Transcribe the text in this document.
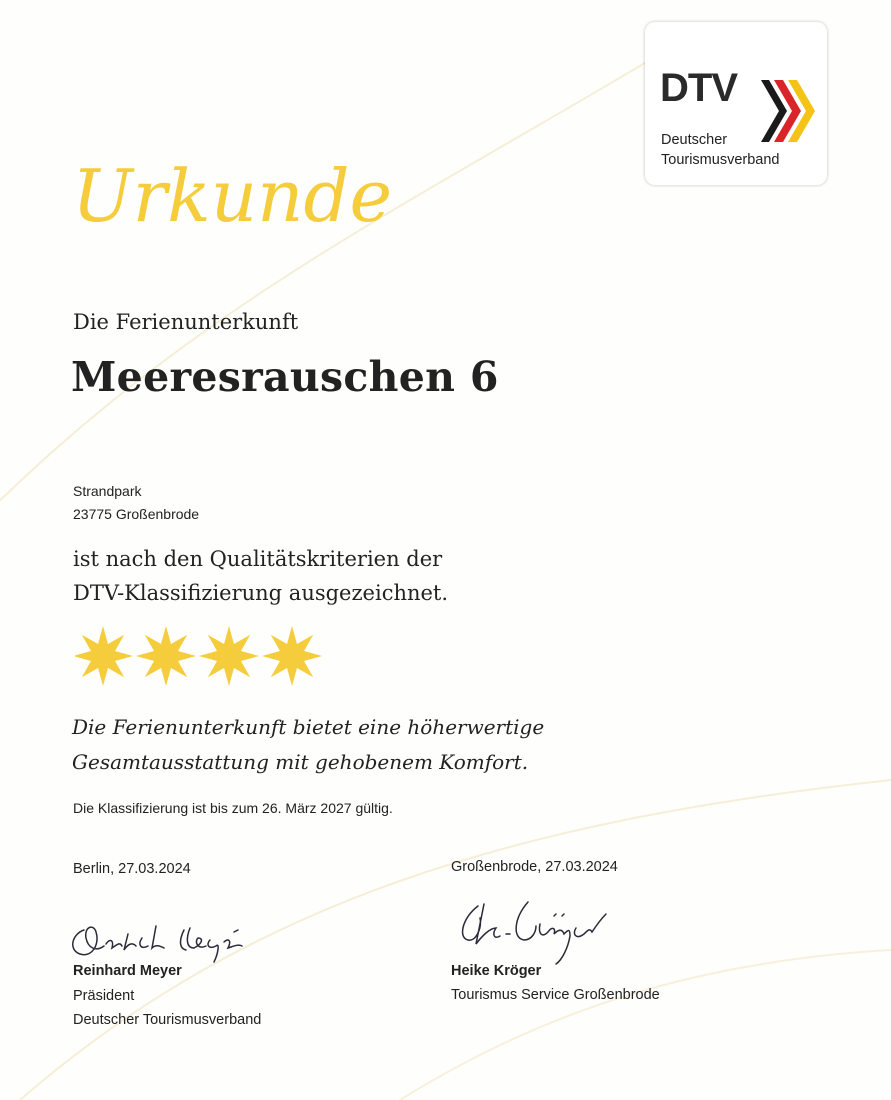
DTV
Deutscher
Tourismusverband
Urkunde
Die Ferienunterkunft
Meeresrauschen 6
Strandpark
23775 Großenbrode
ist nach den Qualitätskriterien der
DTV-Klassifizierung ausgezeichnet.
Die Ferienunterkunft bietet eine höherwertige
Gesamtausstattung mit gehobenem Komfort.
Die Klassifizierung ist bis zum 26. März 2027 gültig.
Berlin, 27.03.2024
Reinhard Meyer
Präsident
Deutscher Tourismusverband
Großenbrode, 27.03.2024
Heike Kröger
Tourismus Service Großenbrode
